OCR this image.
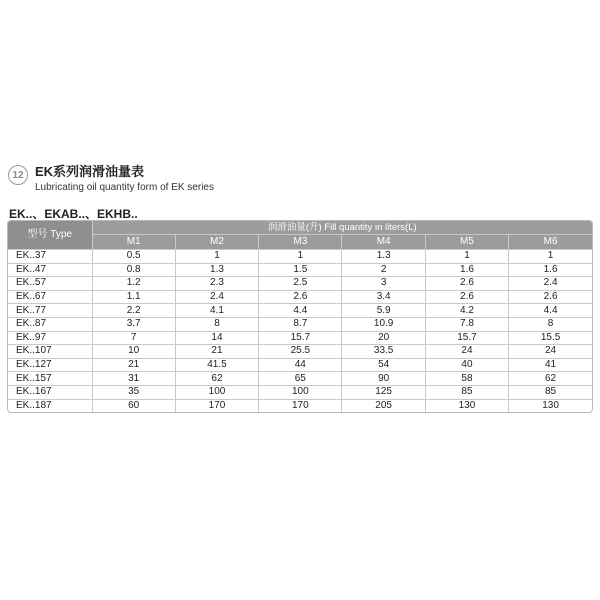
12 EK系列润滑油量表
Lubricating oil quantity form of EK series
EK..、EKAB..、EKHB..
型号 Type	润滑油量(升) Fill quantity in liters(L)					
	M1	M2	M3	M4	M5	M6
EK..37	0.5	1	1	1.3	1	1
EK..47	0.8	1.3	1.5	2	1.6	1.6
EK..57	1.2	2.3	2.5	3	2.6	2.4
EK..67	1.1	2.4	2.6	3.4	2.6	2.6
EK..77	2.2	4.1	4.4	5.9	4.2	4.4
EK..87	3.7	8	8.7	10.9	7.8	8
EK..97	7	14	15.7	20	15.7	15.5
EK..107	10	21	25.5	33.5	24	24
EK..127	21	41.5	44	54	40	41
EK..157	31	62	65	90	58	62
EK..167	35	100	100	125	85	85
EK..187	60	170	170	205	130	130
